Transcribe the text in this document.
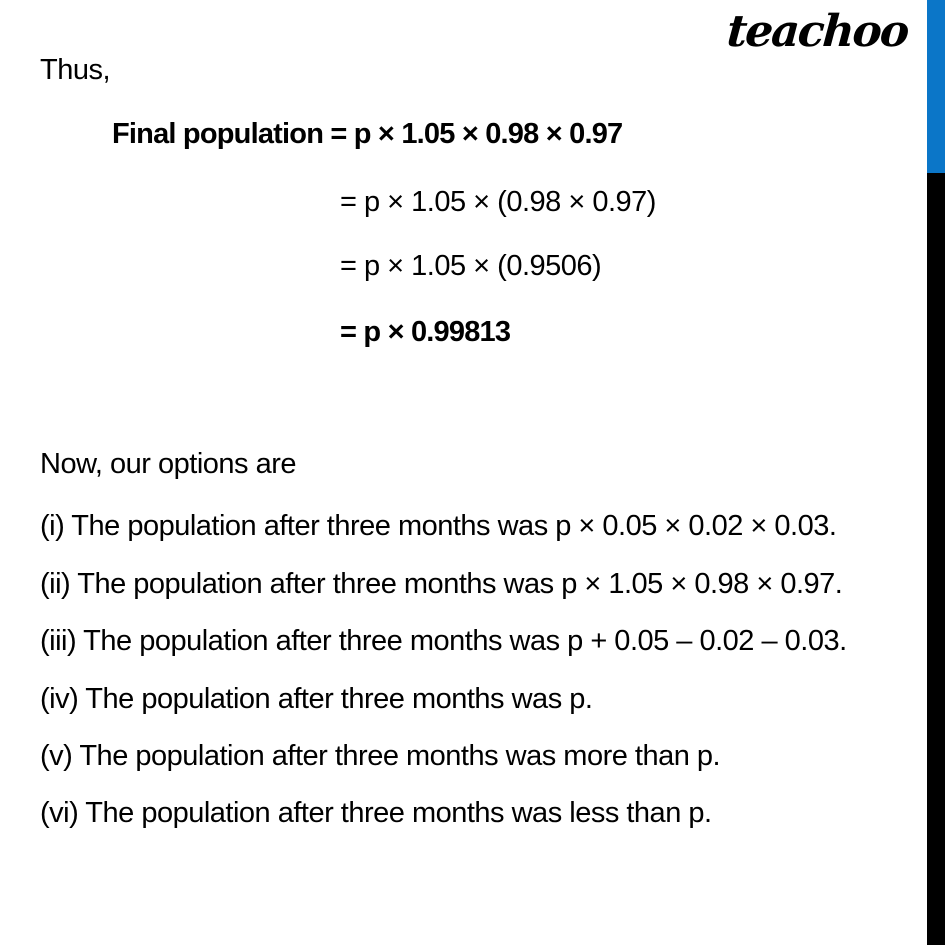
teachoo
Thus,
Final population = p × 1.05 × 0.98 × 0.97
= p × 1.05 × (0.98 × 0.97)
= p × 1.05 × (0.9506)
= p × 0.99813
Now, our options are
(i) The population after three months was p × 0.05 × 0.02 × 0.03.
(ii) The population after three months was p × 1.05 × 0.98 × 0.97.
(iii) The population after three months was p + 0.05 – 0.02 – 0.03.
(iv) The population after three months was p.
(v) The population after three months was more than p.
(vi) The population after three months was less than p.
